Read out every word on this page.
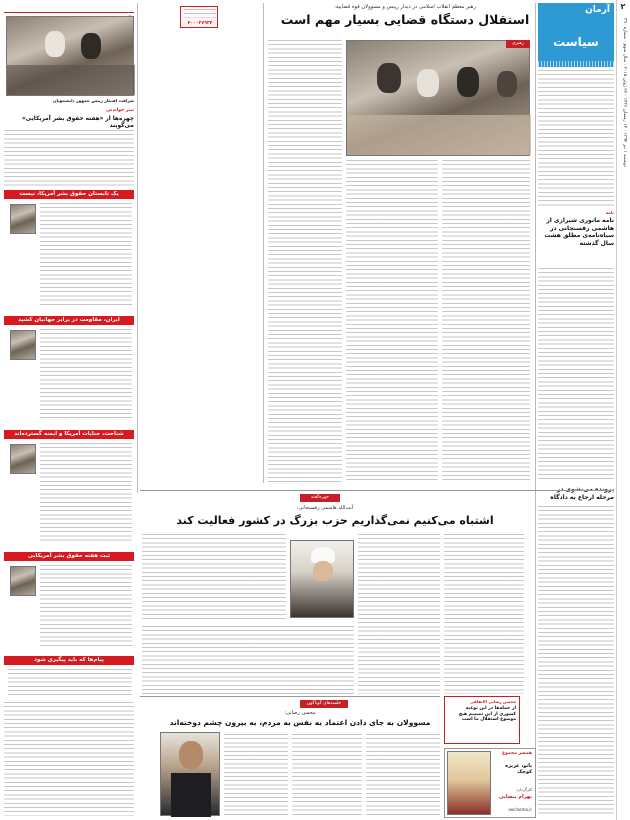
۲
دوشنبه ۱ تیر ۱۳۹۴ - ۱۴ رمضان ۱۴۳۶ - ۲۲ ژوئن ۲۰۱۵ - سال سوم - شماره ۳۹۰
آرمان
سیاست
نامه
نامه مانوری شیرازی از هاشمی رفسنجانی در سیاه‌نامه‌ی مطلق هشت سال گذشته
مرحله ارجاع به دادگاه
رهبر معظم انقلاب اسلامی در دیدار رییس و مسوولان قوه قضاییه:
استقلال دستگاه قضایی بسیار مهم است
۴۰۰۰۳۷۹۳۴
رهبری
شرافت افتخار رییس جمهور دانشجویان
تیتر خواندنی
چهره‌ها از «هفته حقوق بشر آمریکایی» می‌گویند
یک تابستان حقوق بشر آمریکا، نیست
ایران، مقاومت در برابر جهانیان کشید
شناخت، جنایات آمریکا و ایمنه گسترده‌اند
ثبت هفته حقوق بشر آمریکایی
پیام‌ها که باید پیگیری شود
جهره‌گفته
آیت‌الله هاشمی رفسنجانی:
اشتباه می‌کنیم نمی‌گذاریم حزب بزرگ در کشور فعالیت کند
جلسه‌های گوناگون
محسن رضایی:
مسوولان به جای دادن اعتماد به نفس به مردم، به بیرون چشم دوخته‌اند
محسن رضایی الاتفاقی
از حمله‌ها در این نوعیه کشوری از این تصمیم هیچ موضوع استقلال ما است
همسر مجموع
بانو، عزیزه کوچک
کارگردان:
بهرام بیضایی
aecinema.ir
